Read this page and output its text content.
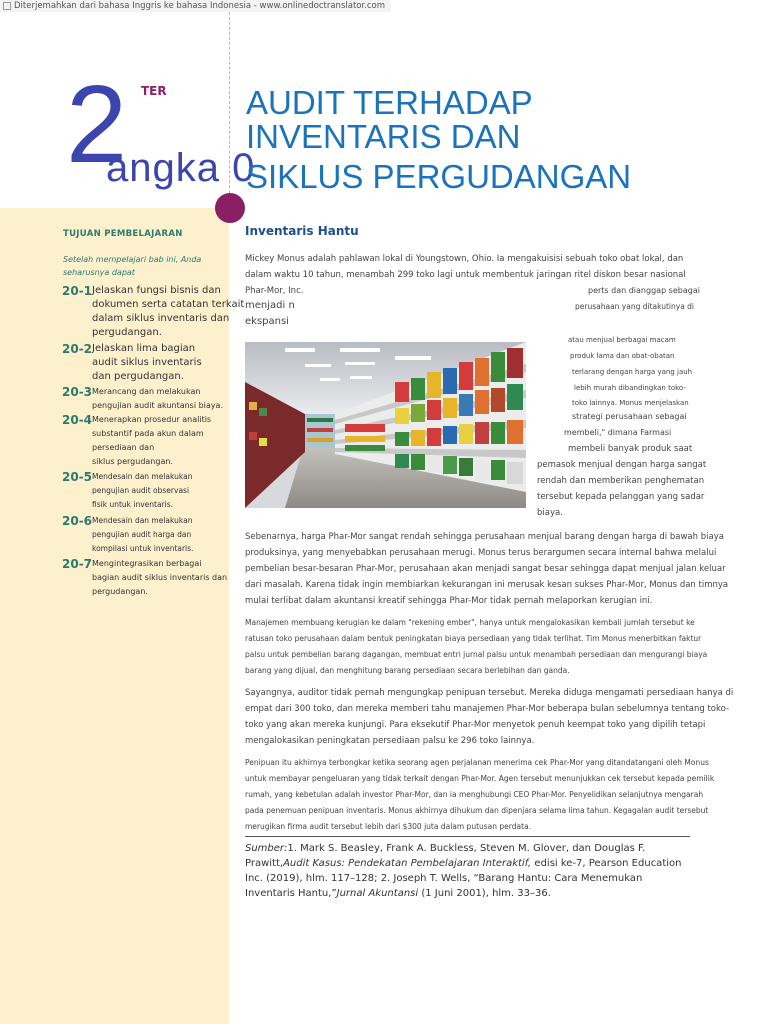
Diterjemahkan dari bahasa Inggris ke bahasa Indonesia - www.onlinedoctranslator.com
2
angka 0
TER AUDIT TERHADAP
INVENTARIS DAN
SIKLUS PERGUDANGAN
TUJUAN PEMBELAJARAN
Setelah mempelajari bab ini, Anda seharusnya dapat
20-1 Jelaskan fungsi bisnis dan
dokumen serta catatan terkait
dalam siklus inventaris dan
pergudangan.
20-2 Jelaskan lima bagian
audit siklus inventaris
dan pergudangan.
20-3 Merancang dan melakukan
pengujian audit akuntansi biaya.
20-4 Menerapkan prosedur analitis
substantif pada akun dalam
persediaan dan
siklus pergudangan.
20-5 Mendesain dan melakukan
pengujian audit observasi
fisik untuk inventaris.
20-6 Mendesain dan melakukan
pengujian audit harga dan
kompilasi untuk inventaris.
20-7 Mengintegrasikan berbagai
bagian audit siklus inventaris dan
pergudangan.
Inventaris Hantu
Mickey Monus adalah pahlawan lokal di Youngstown, Ohio. Ia mengakuisisi sebuah toko obat lokal, dan
dalam waktu 10 tahun, menambah 299 toko lagi untuk membentuk jaringan ritel diskon besar nasional
Phar-Mor, Inc.
menjadi n
ekspansi
perts dan dianggap sebagai
perusahaan yang ditakutinya di
atau menjual berbagai macam
produk lama dan obat-obatan
terlarang dengan harga yang jauh
lebih murah dibandingkan toko-
toko lainnya. Monus menjelaskan
strategi perusahaan sebagai
membeli," dimana Farmasi
membeli banyak produk saat
pemasok menjual dengan harga sangat
rendah dan memberikan penghematan
tersebut kepada pelanggan yang sadar
biaya.
Sebenarnya, harga Phar-Mor sangat rendah sehingga perusahaan menjual barang dengan harga di bawah biaya
produksinya, yang menyebabkan perusahaan merugi. Monus terus berargumen secara internal bahwa melalui
pembelian besar-besaran Phar-Mor, perusahaan akan menjadi sangat besar sehingga dapat menjual jalan keluar
dari masalah. Karena tidak ingin membiarkan kekurangan ini merusak kesan sukses Phar-Mor, Monus dan timnya
mulai terlibat dalam akuntansi kreatif sehingga Phar-Mor tidak pernah melaporkan kerugian ini.
Manajemen membuang kerugian ke dalam "rekening ember", hanya untuk mengalokasikan kembali jumlah tersebut ke
ratusan toko perusahaan dalam bentuk peningkatan biaya persediaan yang tidak terlihat. Tim Monus menerbitkan faktur
palsu untuk pembelian barang dagangan, membuat entri jurnal palsu untuk menambah persediaan dan mengurangi biaya
barang yang dijual, dan menghitung barang persediaan secara berlebihan dan ganda.
Sayangnya, auditor tidak pernah mengungkap penipuan tersebut. Mereka diduga mengamati persediaan hanya di
empat dari 300 toko, dan mereka memberi tahu manajemen Phar-Mor beberapa bulan sebelumnya tentang toko-
toko yang akan mereka kunjungi. Para eksekutif Phar-Mor menyetok penuh keempat toko yang dipilih tetapi
mengalokasikan peningkatan persediaan palsu ke 296 toko lainnya.
Penipuan itu akhirnya terbongkar ketika seorang agen perjalanan menerima cek Phar-Mor yang ditandatangani oleh Monus
untuk membayar pengeluaran yang tidak terkait dengan Phar-Mor. Agen tersebut menunjukkan cek tersebut kepada pemilik
rumah, yang kebetulan adalah investor Phar-Mor, dan ia menghubungi CEO Phar-Mor. Penyelidikan selanjutnya mengarah
pada penemuan penipuan inventaris. Monus akhirnya dihukum dan dipenjara selama lima tahun. Kegagalan audit tersebut
merugikan firma audit tersebut lebih dari $300 juta dalam putusan perdata.
Sumber:1. Mark S. Beasley, Frank A. Buckless, Steven M. Glover, dan Douglas F. Prawitt,Audit Kasus: Pendekatan Pembelajaran Interaktif, edisi ke-7, Pearson Education Inc. (2019), hlm. 117–128; 2. Joseph T. Wells, “Barang Hantu: Cara Menemukan Inventaris Hantu,”Jurnal Akuntansi (1 Juni 2001), hlm. 33–36.
